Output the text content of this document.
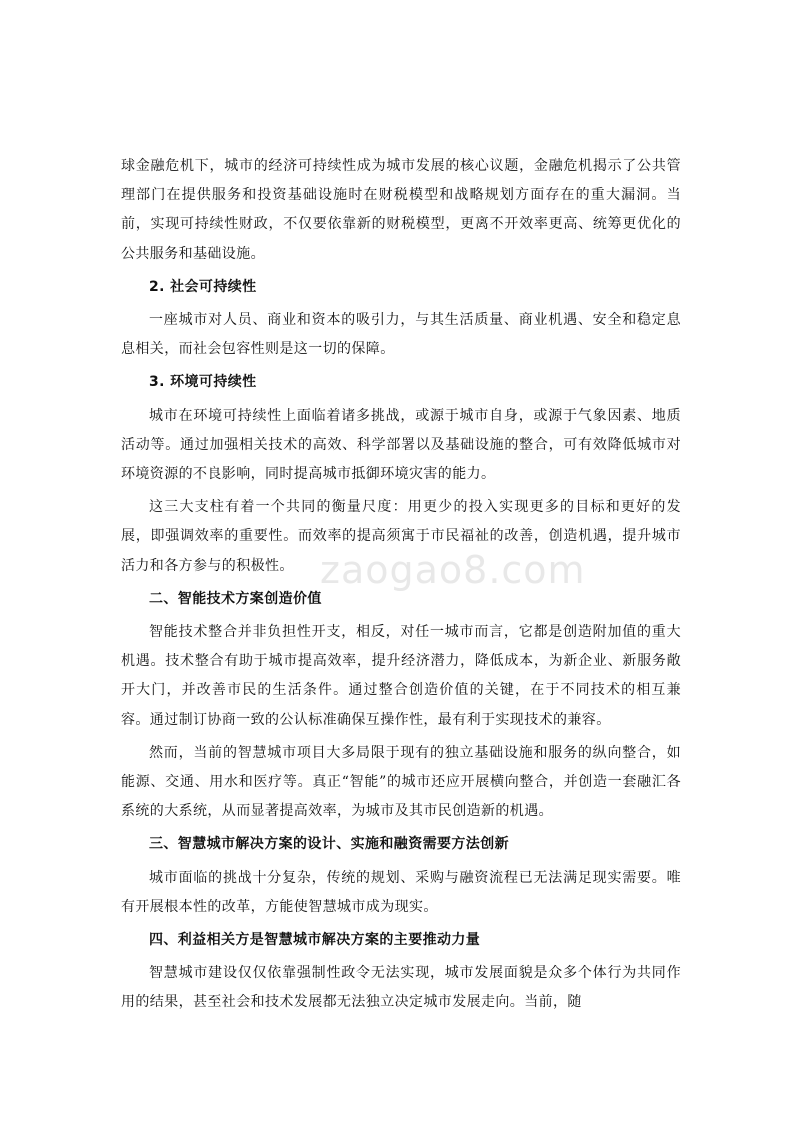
球金融危机下，城市的经济可持续性成为城市发展的核心议题，金融危机揭示了公共管理部门在提供服务和投资基础设施时在财税模型和战略规划方面存在的重大漏洞。当前，实现可持续性财政，不仅要依靠新的财税模型，更离不开效率更高、统筹更优化的公共服务和基础设施。

2. 社会可持续性

一座城市对人员、商业和资本的吸引力，与其生活质量、商业机遇、安全和稳定息息相关，而社会包容性则是这一切的保障。

3. 环境可持续性

城市在环境可持续性上面临着诸多挑战，或源于城市自身，或源于气象因素、地质活动等。通过加强相关技术的高效、科学部署以及基础设施的整合，可有效降低城市对环境资源的不良影响，同时提高城市抵御环境灾害的能力。

这三大支柱有着一个共同的衡量尺度：用更少的投入实现更多的目标和更好的发展，即强调效率的重要性。而效率的提高须寓于市民福祉的改善，创造机遇，提升城市活力和各方参与的积极性。

二、智能技术方案创造价值

智能技术整合并非负担性开支，相反，对任一城市而言，它都是创造附加值的重大机遇。技术整合有助于城市提高效率，提升经济潜力，降低成本，为新企业、新服务敞开大门，并改善市民的生活条件。通过整合创造价值的关键，在于不同技术的相互兼容。通过制订协商一致的公认标准确保互操作性，最有利于实现技术的兼容。

然而，当前的智慧城市项目大多局限于现有的独立基础设施和服务的纵向整合，如能源、交通、用水和医疗等。真正“智能”的城市还应开展横向整合，并创造一套融汇各系统的大系统，从而显著提高效率，为城市及其市民创造新的机遇。

三、智慧城市解决方案的设计、实施和融资需要方法创新

城市面临的挑战十分复杂，传统的规划、采购与融资流程已无法满足现实需要。唯有开展根本性的改革，方能使智慧城市成为现实。

四、利益相关方是智慧城市解决方案的主要推动力量

智慧城市建设仅仅依靠强制性政令无法实现，城市发展面貌是众多个体行为共同作用的结果，甚至社会和技术发展都无法独立决定城市发展走向。当前，随

zaogao8.com
